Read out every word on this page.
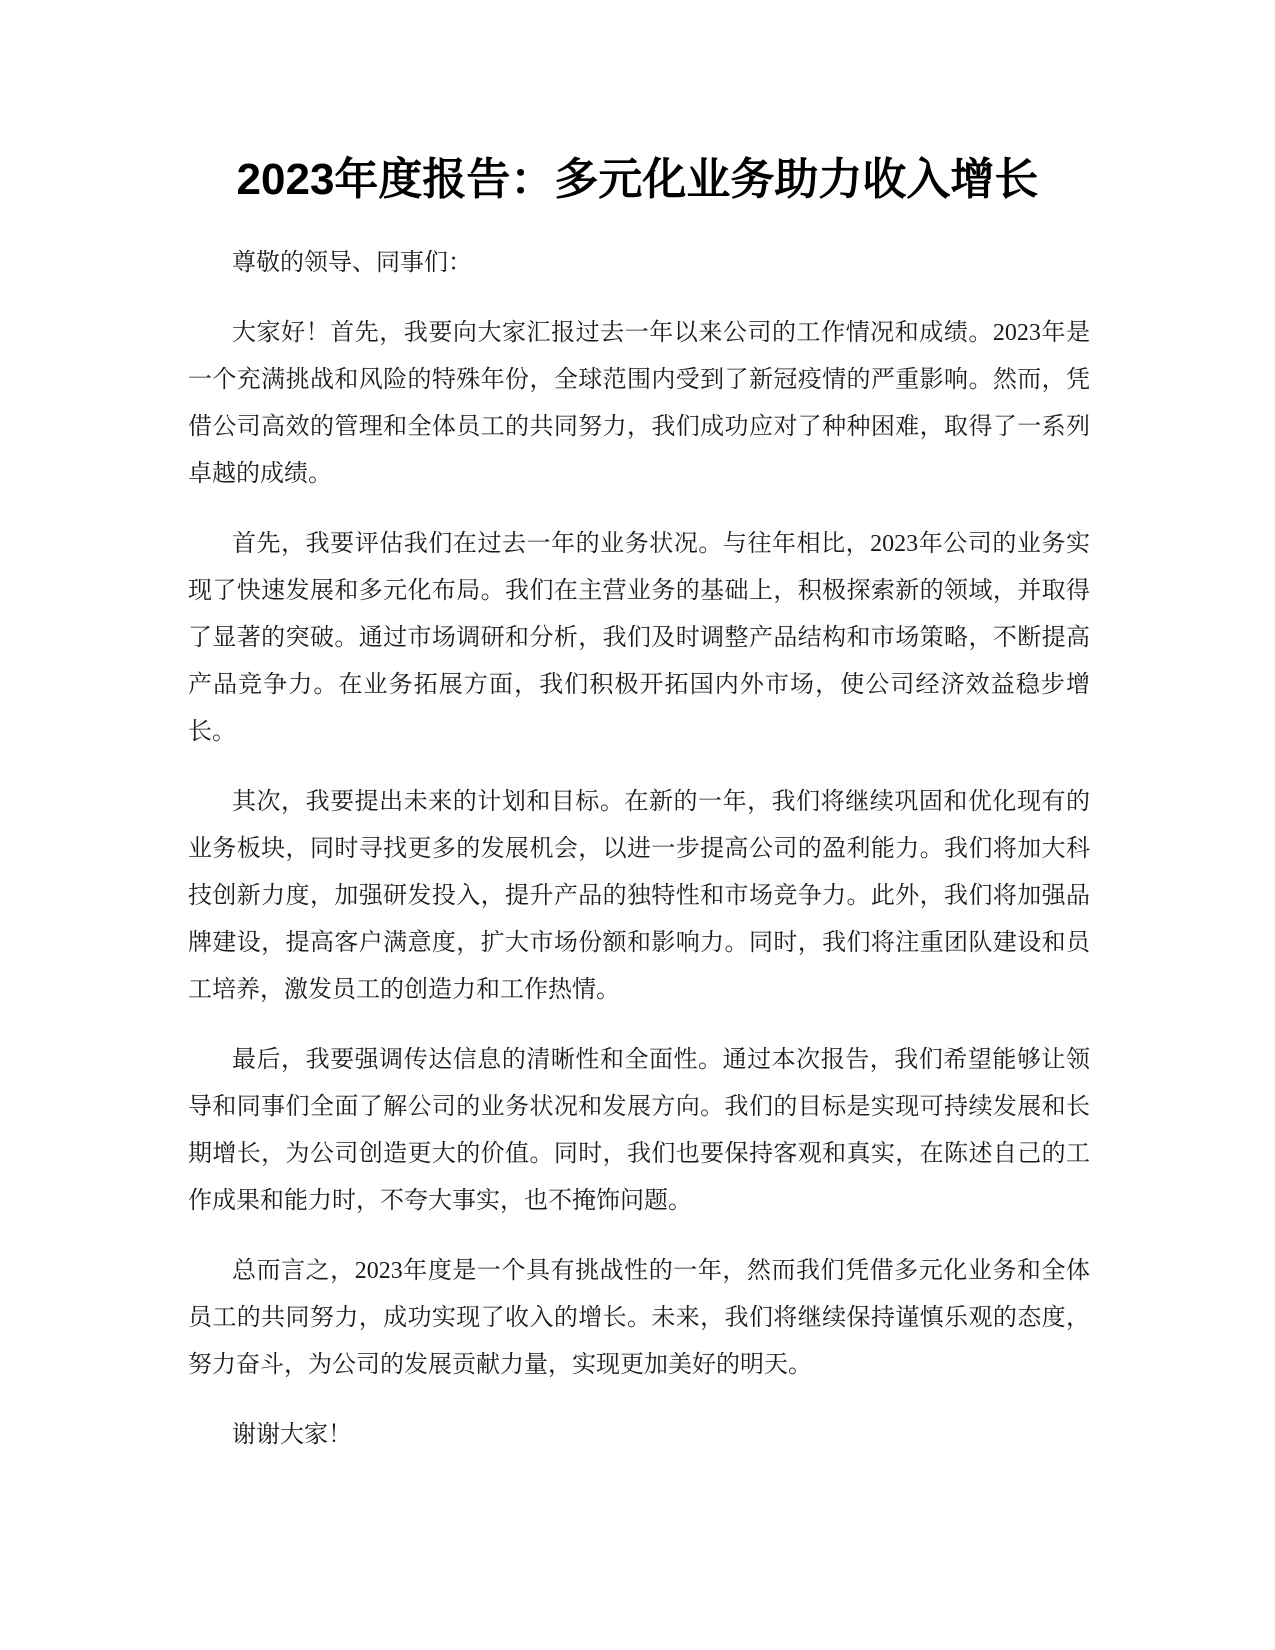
2023年度报告：多元化业务助力收入增长

尊敬的领导、同事们：

大家好！首先，我要向大家汇报过去一年以来公司的工作情况和成绩。2023年是一个充满挑战和风险的特殊年份，全球范围内受到了新冠疫情的严重影响。然而，凭借公司高效的管理和全体员工的共同努力，我们成功应对了种种困难，取得了一系列卓越的成绩。

首先，我要评估我们在过去一年的业务状况。与往年相比，2023年公司的业务实现了快速发展和多元化布局。我们在主营业务的基础上，积极探索新的领域，并取得了显著的突破。通过市场调研和分析，我们及时调整产品结构和市场策略，不断提高产品竞争力。在业务拓展方面，我们积极开拓国内外市场，使公司经济效益稳步增长。

其次，我要提出未来的计划和目标。在新的一年，我们将继续巩固和优化现有的业务板块，同时寻找更多的发展机会，以进一步提高公司的盈利能力。我们将加大科技创新力度，加强研发投入，提升产品的独特性和市场竞争力。此外，我们将加强品牌建设，提高客户满意度，扩大市场份额和影响力。同时，我们将注重团队建设和员工培养，激发员工的创造力和工作热情。

最后，我要强调传达信息的清晰性和全面性。通过本次报告，我们希望能够让领导和同事们全面了解公司的业务状况和发展方向。我们的目标是实现可持续发展和长期增长，为公司创造更大的价值。同时，我们也要保持客观和真实，在陈述自己的工作成果和能力时，不夸大事实，也不掩饰问题。

总而言之，2023年度是一个具有挑战性的一年，然而我们凭借多元化业务和全体员工的共同努力，成功实现了收入的增长。未来，我们将继续保持谨慎乐观的态度，努力奋斗，为公司的发展贡献力量，实现更加美好的明天。

谢谢大家！
